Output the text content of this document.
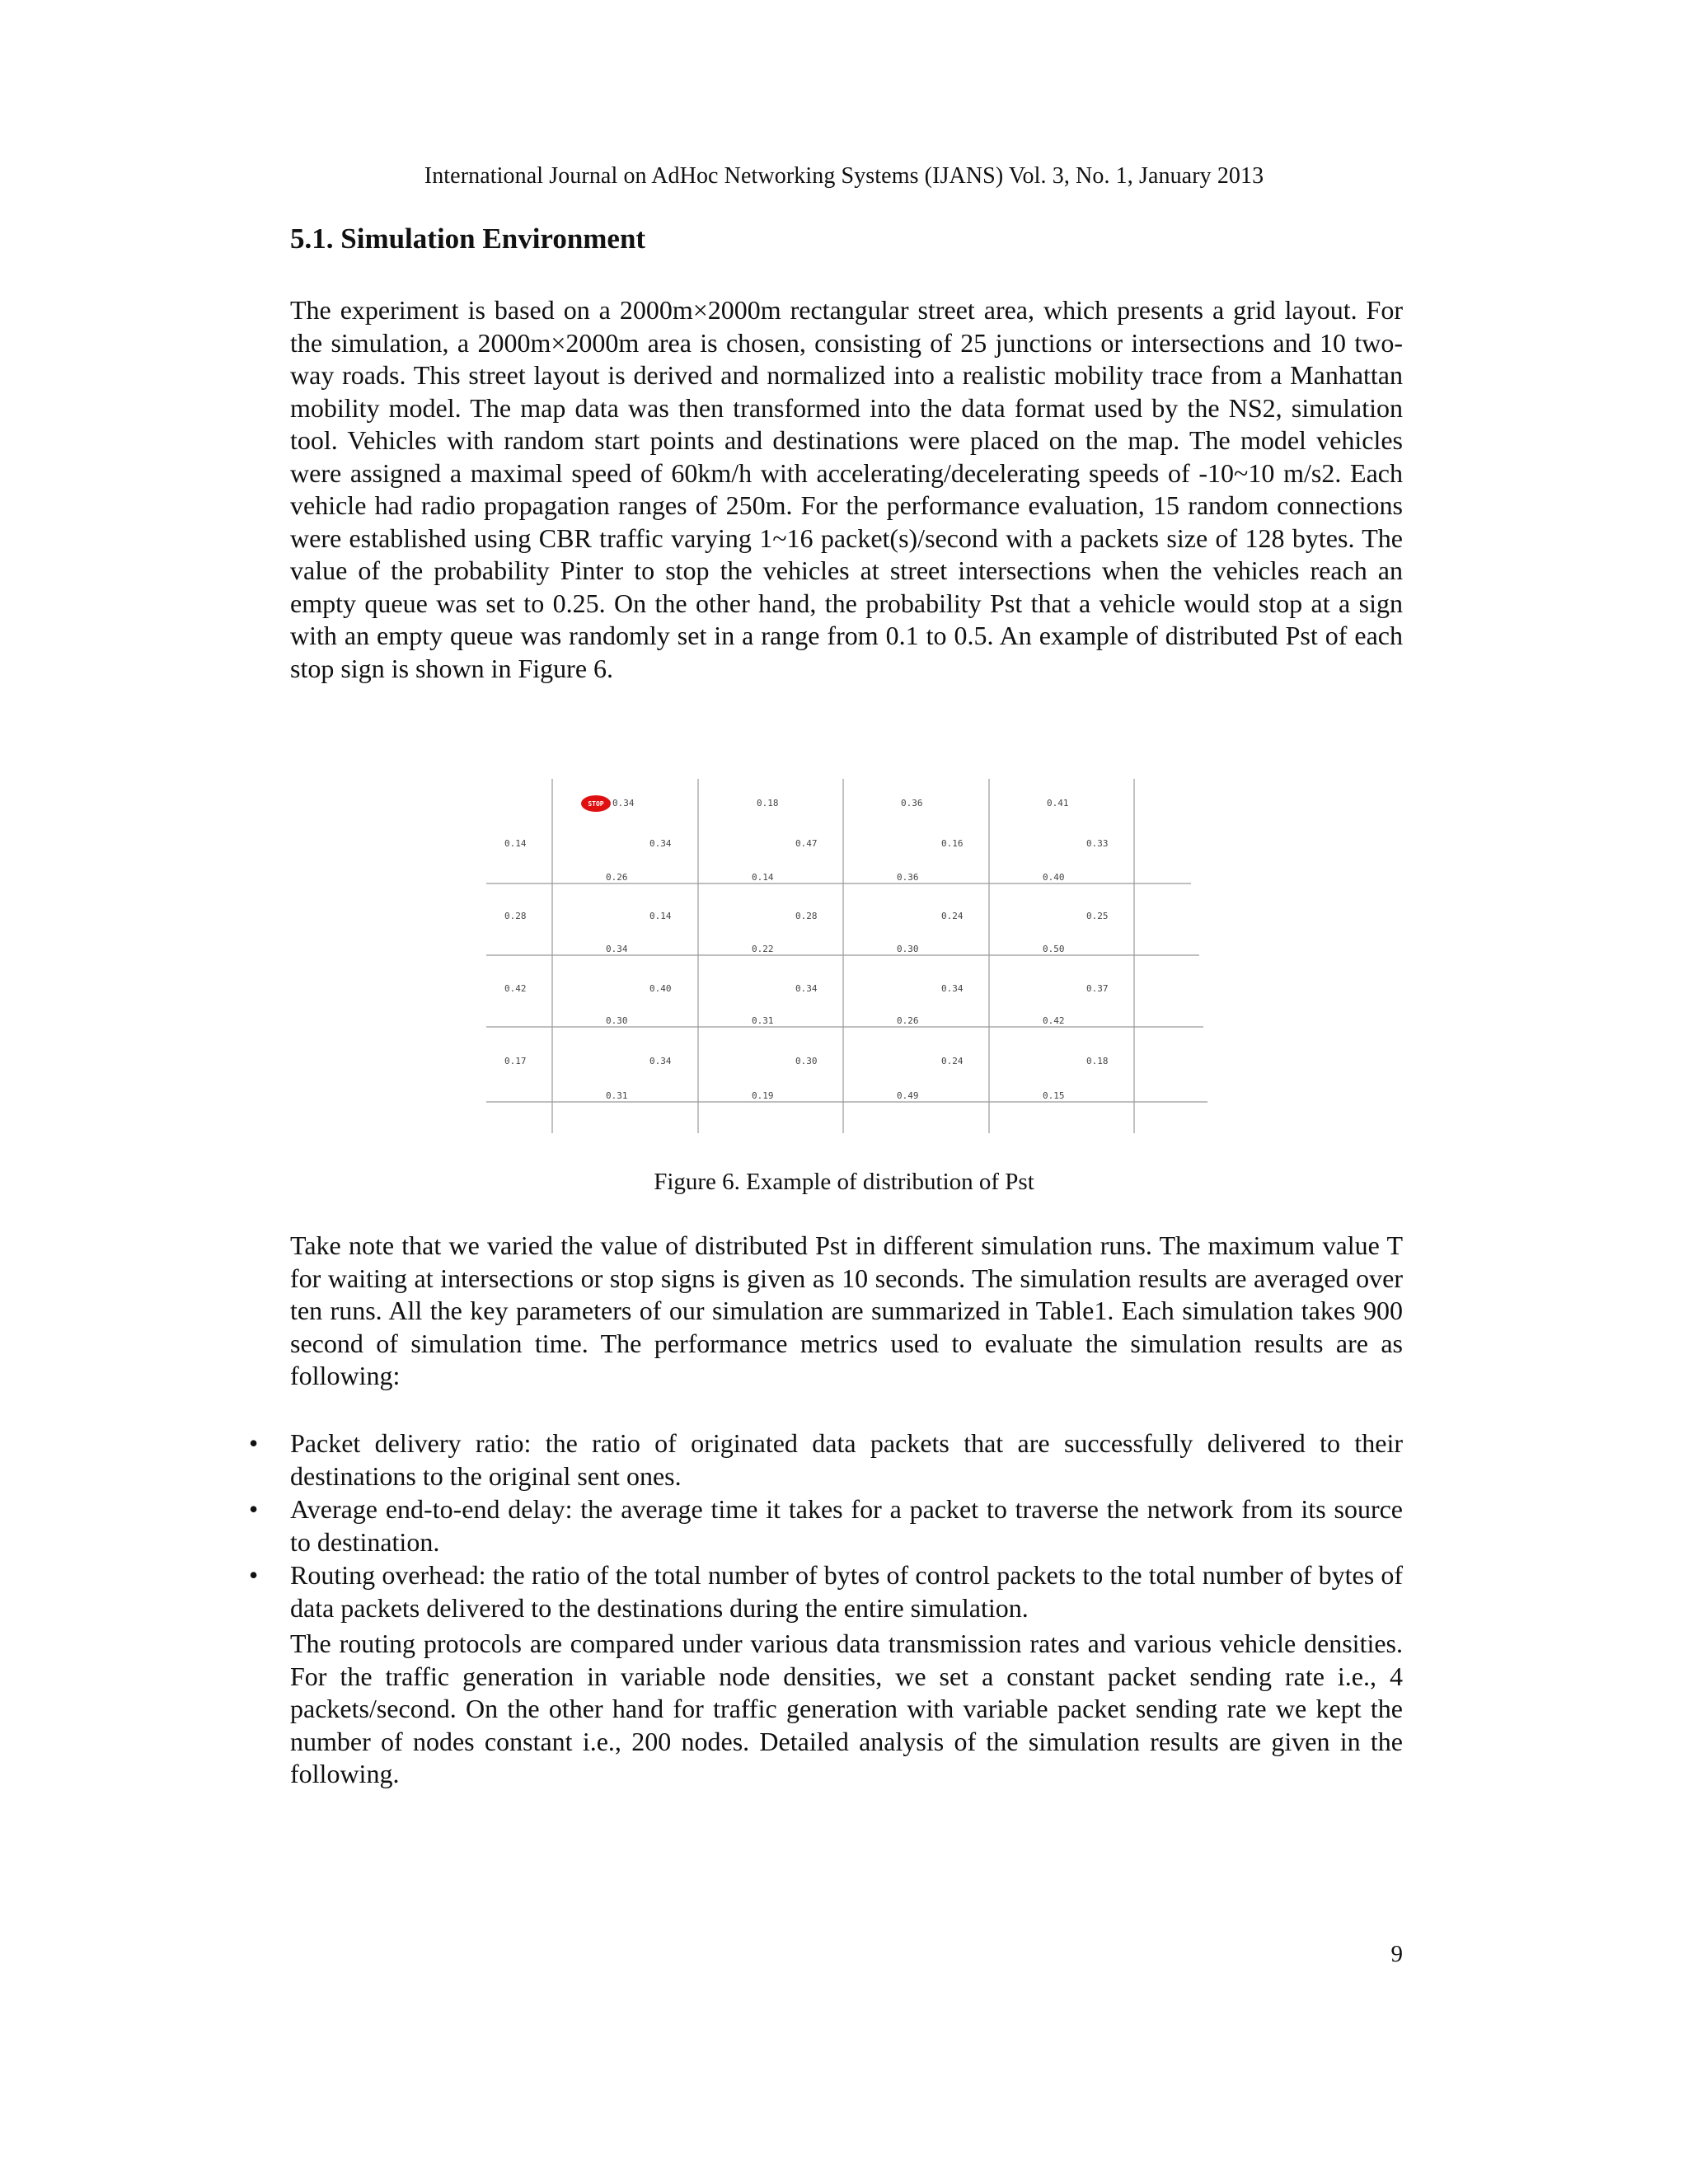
International Journal on AdHoc Networking Systems (IJANS) Vol. 3, No. 1, January 2013
5.1. Simulation Environment

The experiment is based on a 2000m×2000m rectangular street area, which presents a grid layout. For the simulation, a 2000m×2000m area is chosen, consisting of 25 junctions or intersections and 10 two-way roads. This street layout is derived and normalized into a realistic mobility trace from a Manhattan mobility model. The map data was then transformed into the data format used by the NS2, simulation tool. Vehicles with random start points and destinations were placed on the map. The model vehicles were assigned a maximal speed of 60km/h with accelerating/decelerating speeds of -10~10 m/s2. Each vehicle had radio propagation ranges of 250m. For the performance evaluation, 15 random connections were established using CBR traffic varying 1~16 packet(s)/second with a packets size of 128 bytes. The value of the probability Pinter to stop the vehicles at street intersections when the vehicles reach an empty queue was set to 0.25. On the other hand, the probability Pst that a vehicle would stop at a sign with an empty queue was randomly set in a range from 0.1 to 0.5. An example of distributed Pst of each stop sign is shown in Figure 6.

STOP 0.34	0.18	0.36	0.41
0.14	0.34	0.47	0.16	0.33
0.26	0.14	0.36	0.40
0.28	0.14	0.28	0.24	0.25
0.34	0.22	0.30	0.50
0.42	0.40	0.34	0.34	0.37
0.30	0.31	0.26	0.42
0.17	0.34	0.30	0.24	0.18
0.31	0.19	0.49	0.15
Figure 6. Example of distribution of Pst

Take note that we varied the value of distributed Pst in different simulation runs. The maximum value T for waiting at intersections or stop signs is given as 10 seconds. The simulation results are averaged over ten runs. All the key parameters of our simulation are summarized in Table1. Each simulation takes 900 second of simulation time. The performance metrics used to evaluate the simulation results are as following:

• Packet delivery ratio: the ratio of originated data packets that are successfully delivered to their destinations to the original sent ones.
• Average end-to-end delay: the average time it takes for a packet to traverse the network from its source to destination.
• Routing overhead: the ratio of the total number of bytes of control packets to the total number of bytes of data packets delivered to the destinations during the entire simulation.

The routing protocols are compared under various data transmission rates and various vehicle densities. For the traffic generation in variable node densities, we set a constant packet sending rate i.e., 4 packets/second. On the other hand for traffic generation with variable packet sending rate we kept the number of nodes constant i.e., 200 nodes. Detailed analysis of the simulation results are given in the following.

9
